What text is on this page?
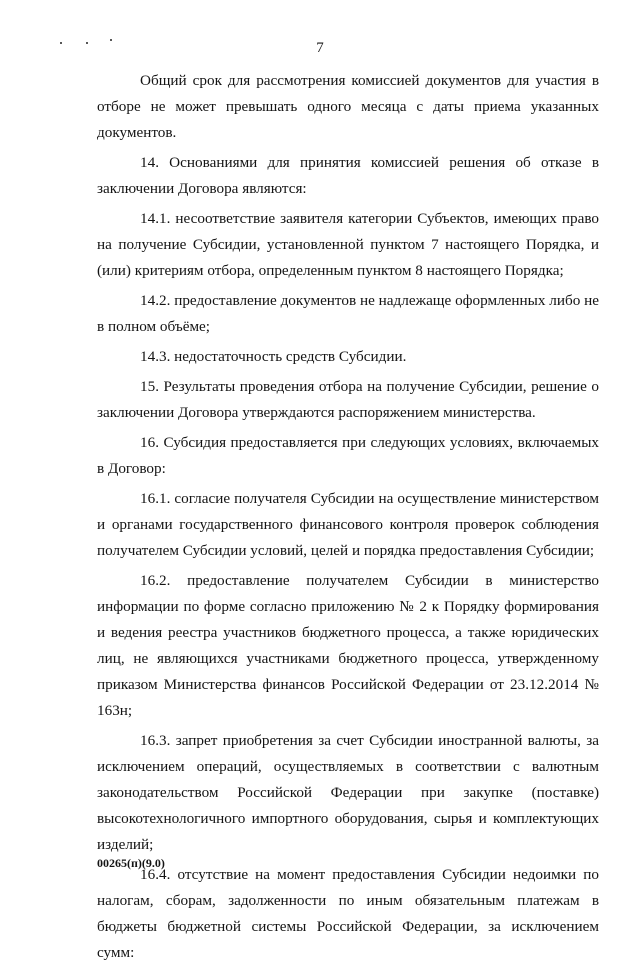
7

Общий срок для рассмотрения комиссией документов для участия в отборе не может превышать одного месяца с даты приема указанных документов.

14. Основаниями для принятия комиссией решения об отказе в заключении Договора являются:

14.1. несоответствие заявителя категории Субъектов, имеющих право на получение Субсидии, установленной пунктом 7 настоящего Порядка, и (или) критериям отбора, определенным пунктом 8 настоящего Порядка;

14.2. предоставление документов не надлежаще оформленных либо не в полном объёме;

14.3. недостаточность средств Субсидии.

15. Результаты проведения отбора на получение Субсидии, решение о заключении Договора утверждаются распоряжением министерства.

16. Субсидия предоставляется при следующих условиях, включаемых в Договор:

16.1. согласие получателя Субсидии на осуществление министерством и органами государственного финансового контроля проверок соблюдения получателем Субсидии условий, целей и порядка предоставления Субсидии;

16.2. предоставление получателем Субсидии в министерство информации по форме согласно приложению № 2 к Порядку формирования и ведения реестра участников бюджетного процесса, а также юридических лиц, не являющихся участниками бюджетного процесса, утвержденному приказом Министерства финансов Российской Федерации от 23.12.2014 № 163н;

16.3. запрет приобретения за счет Субсидии иностранной валюты, за исключением операций, осуществляемых в соответствии с валютным законодательством Российской Федерации при закупке (поставке) высокотехнологичного импортного оборудования, сырья и комплектующих изделий;

16.4. отсутствие на момент предоставления Субсидии недоимки по налогам, сборам, задолженности по иным обязательным платежам в бюджеты бюджетной системы Российской Федерации, за исключением сумм:

00265(п)(9.0)
